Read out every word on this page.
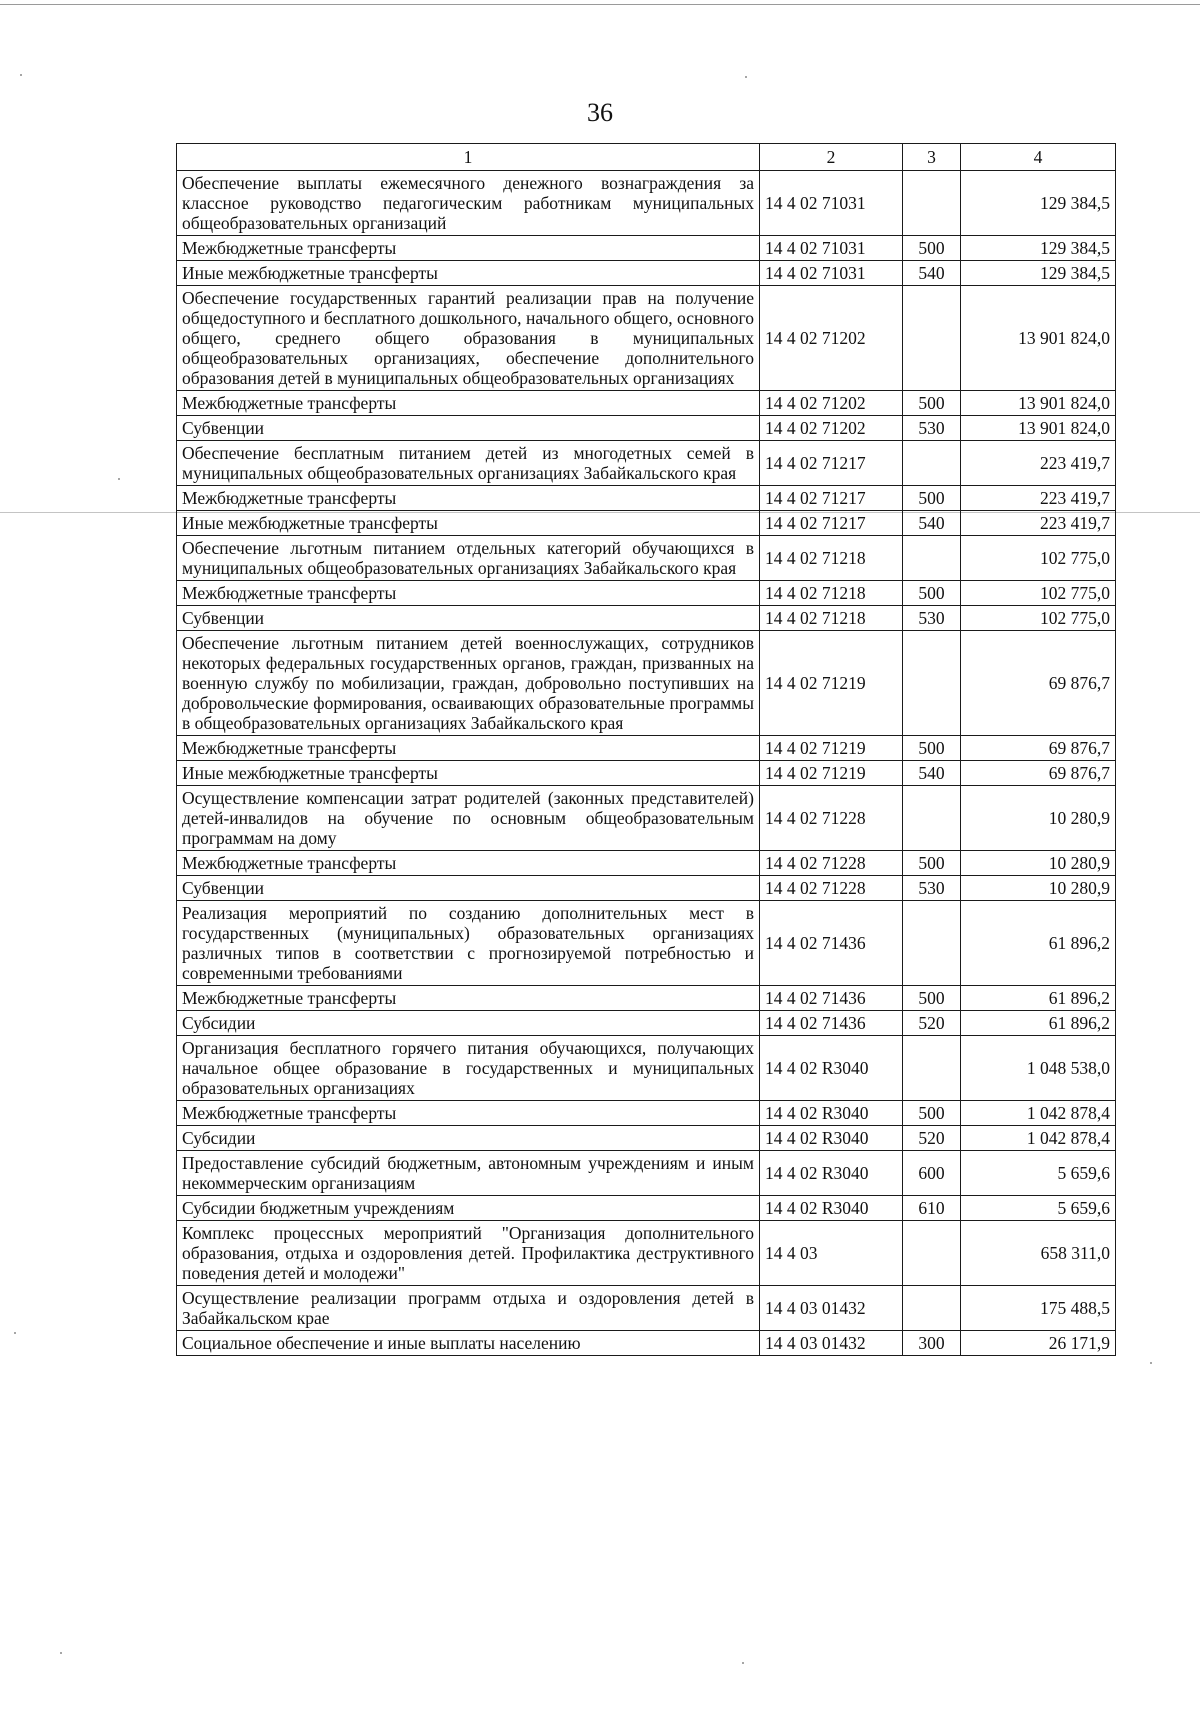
36
1	2	3	4
Обеспечение выплаты ежемесячного денежного вознаграждения за классное руководство педагогическим работникам муниципальных общеобразовательных организаций	14 4 02 71031		129 384,5
Межбюджетные трансферты	14 4 02 71031	500	129 384,5
Иные межбюджетные трансферты	14 4 02 71031	540	129 384,5
Обеспечение государственных гарантий реализации прав на получение общедоступного и бесплатного дошкольного, начального общего, основного общего, среднего общего образования в муниципальных общеобразовательных организациях, обеспечение дополнительного образования детей в муниципальных общеобразовательных организациях	14 4 02 71202		13 901 824,0
Межбюджетные трансферты	14 4 02 71202	500	13 901 824,0
Субвенции	14 4 02 71202	530	13 901 824,0
Обеспечение бесплатным питанием детей из многодетных семей в муниципальных общеобразовательных организациях Забайкальского края	14 4 02 71217		223 419,7
Межбюджетные трансферты	14 4 02 71217	500	223 419,7
Иные межбюджетные трансферты	14 4 02 71217	540	223 419,7
Обеспечение льготным питанием отдельных категорий обучающихся в муниципальных общеобразовательных организациях Забайкальского края	14 4 02 71218		102 775,0
Межбюджетные трансферты	14 4 02 71218	500	102 775,0
Субвенции	14 4 02 71218	530	102 775,0
Обеспечение льготным питанием детей военнослужащих, сотрудников некоторых федеральных государственных органов, граждан, призванных на военную службу по мобилизации, граждан, добровольно поступивших на добровольческие формирования, осваивающих образовательные программы в общеобразовательных организациях Забайкальского края	14 4 02 71219		69 876,7
Межбюджетные трансферты	14 4 02 71219	500	69 876,7
Иные межбюджетные трансферты	14 4 02 71219	540	69 876,7
Осуществление компенсации затрат родителей (законных представителей) детей-инвалидов на обучение по основным общеобразовательным программам на дому	14 4 02 71228		10 280,9
Межбюджетные трансферты	14 4 02 71228	500	10 280,9
Субвенции	14 4 02 71228	530	10 280,9
Реализация мероприятий по созданию дополнительных мест в государственных (муниципальных) образовательных организациях различных типов в соответствии с прогнозируемой потребностью и современными требованиями	14 4 02 71436		61 896,2
Межбюджетные трансферты	14 4 02 71436	500	61 896,2
Субсидии	14 4 02 71436	520	61 896,2
Организация бесплатного горячего питания обучающихся, получающих начальное общее образование в государственных и муниципальных образовательных организациях	14 4 02 R3040		1 048 538,0
Межбюджетные трансферты	14 4 02 R3040	500	1 042 878,4
Субсидии	14 4 02 R3040	520	1 042 878,4
Предоставление субсидий бюджетным, автономным учреждениям и иным некоммерческим организациям	14 4 02 R3040	600	5 659,6
Субсидии бюджетным учреждениям	14 4 02 R3040	610	5 659,6
Комплекс процессных мероприятий "Организация дополнительного образования, отдыха и оздоровления детей. Профилактика деструктивного поведения детей и молодежи"	14 4 03		658 311,0
Осуществление реализации программ отдыха и оздоровления детей в Забайкальском крае	14 4 03 01432		175 488,5
Социальное обеспечение и иные выплаты населению	14 4 03 01432	300	26 171,9
